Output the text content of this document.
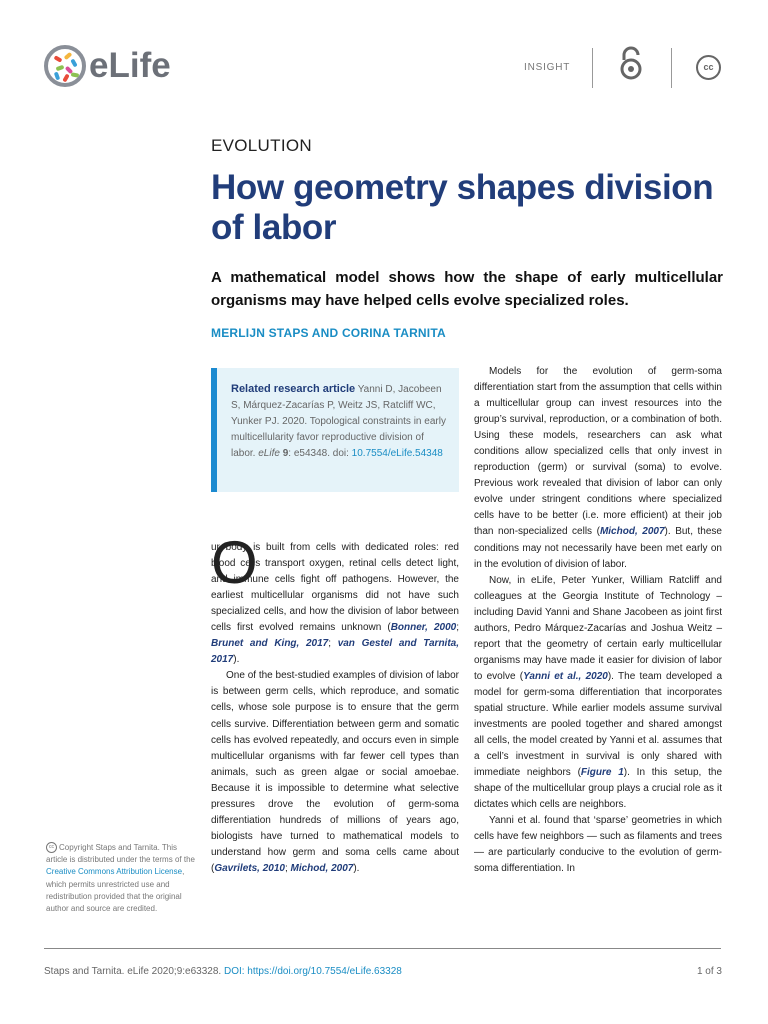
eLife	INSIGHT	cc
EVOLUTION
How geometry shapes division of labor
A mathematical model shows how the shape of early multicellular organisms may have helped cells evolve specialized roles.
MERLIJN STAPS AND CORINA TARNITA
Related research article Yanni D, Jacobeen S, Márquez-Zacarías P, Weitz JS, Ratcliff WC, Yunker PJ. 2020. Topological constraints in early multicellularity favor reproductive division of labor. eLife 9: e54348. doi: 10.7554/eLife.54348
O

ur body is built from cells with dedicated roles: red blood cells transport oxygen, retinal cells detect light, and immune cells fight off pathogens. However, the earliest multicellular organisms did not have such specialized cells, and how the division of labor between cells first evolved remains unknown (Bonner, 2000; Brunet and King, 2017; van Gestel and Tarnita, 2017).

One of the best-studied examples of division of labor is between germ cells, which reproduce, and somatic cells, whose sole purpose is to ensure that the germ cells survive. Differentiation between germ and somatic cells has evolved repeatedly, and occurs even in simple multicellular organisms with far fewer cell types than animals, such as green algae or social amoebae. Because it is impossible to determine what selective pressures drove the evolution of germ-soma differentiation hundreds of millions of years ago, biologists have turned to mathematical models to understand how germ and soma cells came about (Gavrilets, 2010; Michod, 2007).

Models for the evolution of germ-soma differentiation start from the assumption that cells within a multicellular group can invest resources into the group’s survival, reproduction, or a combination of both. Using these models, researchers can ask what conditions allow specialized cells that only invest in reproduction (germ) or survival (soma) to evolve. Previous work revealed that division of labor can only evolve under stringent conditions where specialized cells have to be better (i.e. more efficient) at their job than non-specialized cells (Michod, 2007). But, these conditions may not necessarily have been met early on in the evolution of division of labor.

Now, in eLife, Peter Yunker, William Ratcliff and colleagues at the Georgia Institute of Technology – including David Yanni and Shane Jacobeen as joint first authors, Pedro Márquez-Zacarías and Joshua Weitz – report that the geometry of certain early multicellular organisms may have made it easier for division of labor to evolve (Yanni et al., 2020). The team developed a model for germ-soma differentiation that incorporates spatial structure. While earlier models assume survival investments are pooled together and shared amongst all cells, the model created by Yanni et al. assumes that a cell’s investment in survival is only shared with immediate neighbors (Figure 1). In this setup, the shape of the multicellular group plays a crucial role as it dictates which cells are neighbors.

Yanni et al. found that ‘sparse’ geometries in which cells have few neighbors — such as filaments and trees — are particularly conducive to the evolution of germ-soma differentiation. In

cc Copyright Staps and Tarnita. This article is distributed under the terms of the Creative Commons Attribution License, which permits unrestricted use and redistribution provided that the original author and source are credited.
Staps and Tarnita. eLife 2020;9:e63328. DOI: https://doi.org/10.7554/eLife.63328	1 of 3
